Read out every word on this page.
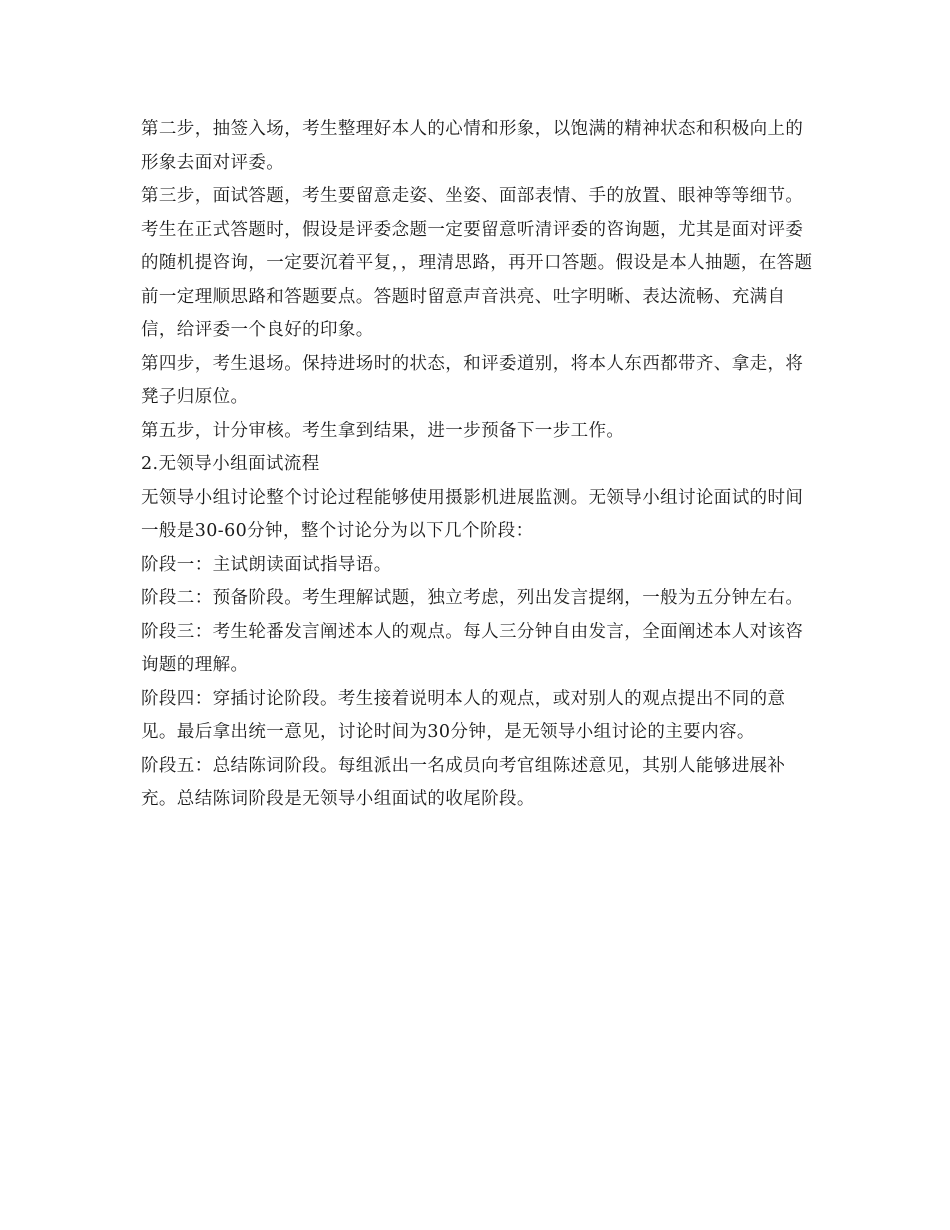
第二步，抽签入场，考生整理好本人的心情和形象，以饱满的精神状态和积极向上的形象去面对评委。

第三步，面试答题，考生要留意走姿、坐姿、面部表情、手的放置、眼神等等细节。考生在正式答题时，假设是评委念题一定要留意听清评委的咨询题，尤其是面对评委的随机提咨询，一定要沉着平复，，理清思路，再开口答题。假设是本人抽题，在答题前一定理顺思路和答题要点。答题时留意声音洪亮、吐字明晰、表达流畅、充满自信，给评委一个良好的印象。

第四步，考生退场。保持进场时的状态，和评委道别，将本人东西都带齐、拿走，将凳子归原位。

第五步，计分审核。考生拿到结果，进一步预备下一步工作。

2.无领导小组面试流程

无领导小组讨论整个讨论过程能够使用摄影机进展监测。无领导小组讨论面试的时间一般是30-60分钟，整个讨论分为以下几个阶段：

阶段一：主试朗读面试指导语。

阶段二：预备阶段。考生理解试题，独立考虑，列出发言提纲，一般为五分钟左右。

阶段三：考生轮番发言阐述本人的观点。每人三分钟自由发言，全面阐述本人对该咨询题的理解。

阶段四：穿插讨论阶段。考生接着说明本人的观点，或对别人的观点提出不同的意见。最后拿出统一意见，讨论时间为30分钟，是无领导小组讨论的主要内容。

阶段五：总结陈词阶段。每组派出一名成员向考官组陈述意见，其别人能够进展补充。总结陈词阶段是无领导小组面试的收尾阶段。
